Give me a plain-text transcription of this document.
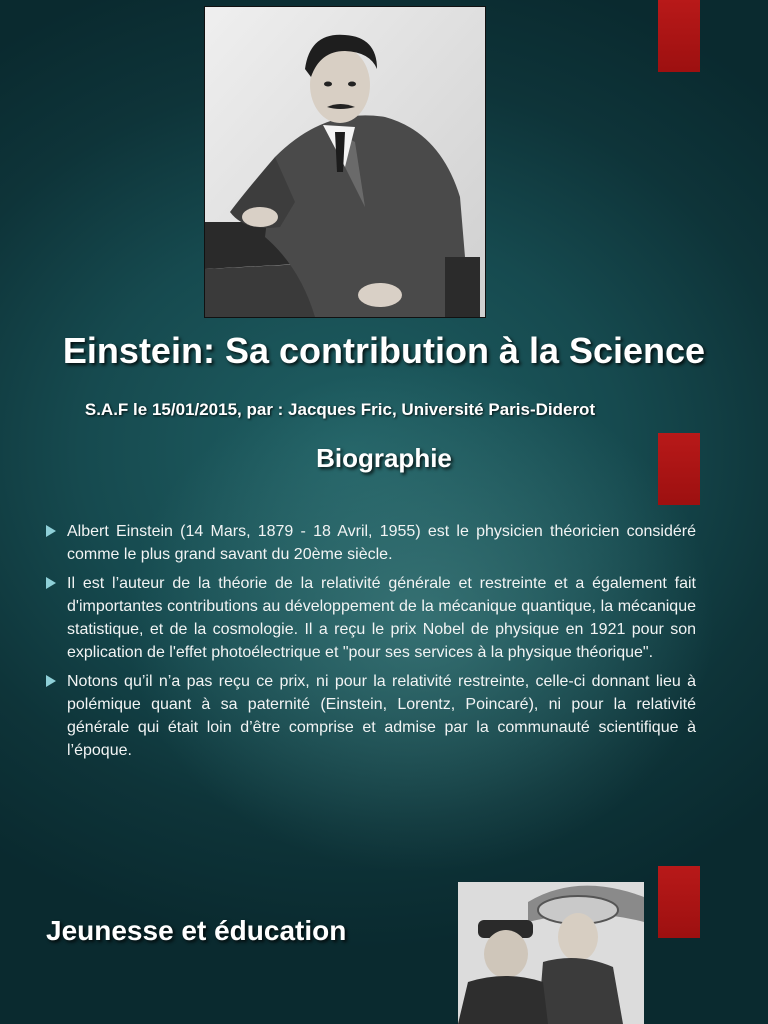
Einstein: Sa contribution à la Science
S.A.F le 15/01/2015, par : Jacques Fric, Université Paris-Diderot
Biographie
Albert Einstein (14 Mars, 1879 - 18 Avril, 1955) est le physicien théoricien considéré comme le plus grand savant du 20ème siècle.
Il est l’auteur de la théorie de la relativité générale et restreinte et a également fait d'importantes contributions au développement de la mécanique quantique, la mécanique statistique, et de la cosmologie. Il a reçu le prix Nobel de physique en 1921 pour son explication de l'effet photoélectrique et "pour ses services à la physique théorique".
Notons qu’il n’a pas reçu ce prix, ni pour la relativité restreinte, celle-ci donnant lieu à polémique quant à sa paternité (Einstein, Lorentz, Poincaré), ni pour la relativité générale qui était loin d’être comprise et admise par la communauté scientifique à l’époque.
Jeunesse et éducation
